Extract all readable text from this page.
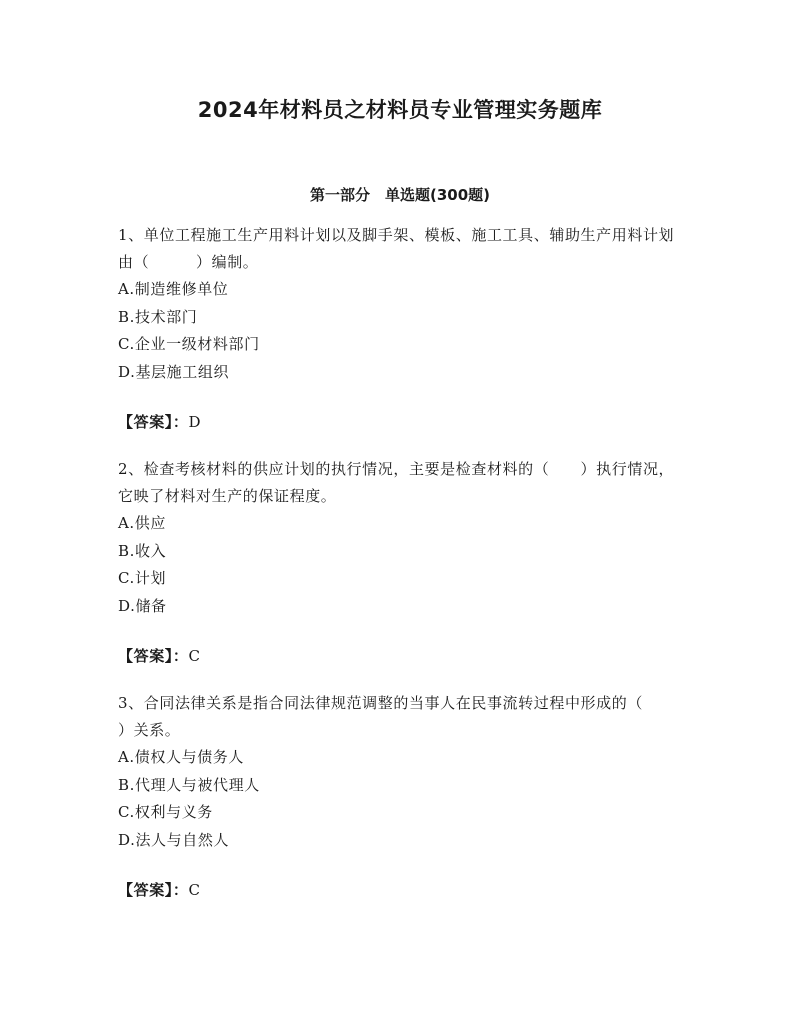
2024年材料员之材料员专业管理实务题库
第一部分　单选题(300题)

1、单位工程施工生产用料计划以及脚手架、模板、施工工具、辅助生产用料计划由（　　　）编制。

A.制造维修单位

B.技术部门

C.企业一级材料部门

D.基层施工组织

【答案】：D

2、检查考核材料的供应计划的执行情况，主要是检查材料的（　　）执行情况，它映了材料对生产的保证程度。

A.供应

B.收入

C.计划

D.储备

【答案】：C

3、合同法律关系是指合同法律规范调整的当事人在民事流转过程中形成的（　　　）关系。

A.债权人与债务人

B.代理人与被代理人

C.权利与义务

D.法人与自然人

【答案】：C
